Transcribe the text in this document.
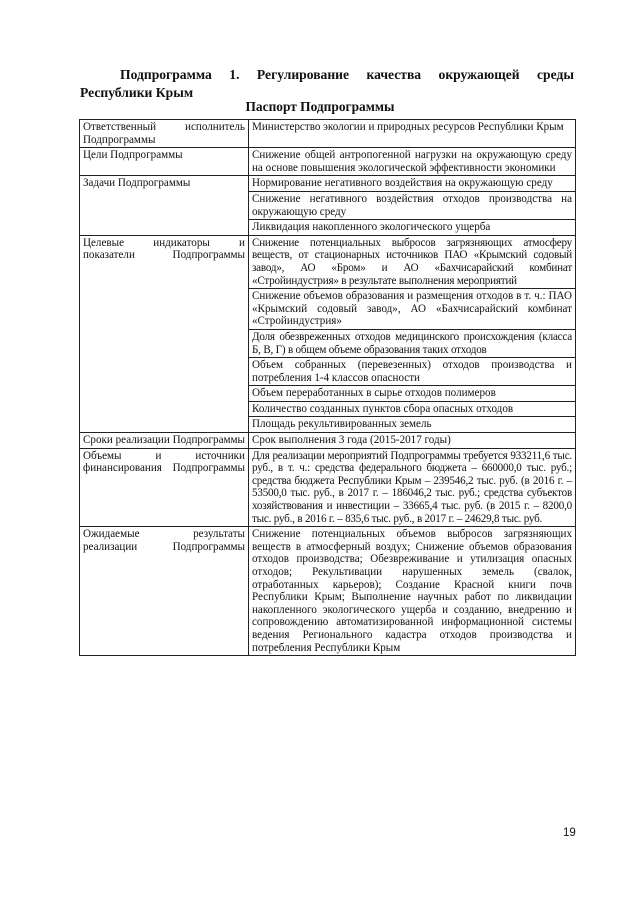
Подпрограмма 1. Регулирование качества окружающей среды
Республики Крым
Паспорт Подпрограммы
Ответственный исполнитель Подпрограммы	Министерство экологии и природных ресурсов Республики Крым
Цели Подпрограммы	Снижение общей антропогенной нагрузки на окружающую среду на основе повышения экологической эффективности экономики
Задачи Подпрограммы	Нормирование негативного воздействия на окружающую среду
	Снижение негативного воздействия отходов производства на окружающую среду
	Ликвидация накопленного экологического ущерба
Целевые индикаторы и показатели Подпрограммы	Снижение потенциальных выбросов загрязняющих атмосферу веществ, от стационарных источников ПАО «Крымский содовый завод», АО «Бром» и АО «Бахчисарайский комбинат «Стройиндустрия» в результате выполнения мероприятий
	Снижение объемов образования и размещения отходов в т. ч.: ПАО «Крымский содовый завод», АО «Бахчисарайский комбинат «Стройиндустрия»
	Доля обезвреженных отходов медицинского происхождения (класса Б, В, Г) в общем объеме образования таких отходов
	Объем собранных (перевезенных) отходов производства и потребления 1-4 классов опасности
	Объем переработанных в сырье отходов полимеров
	Количество созданных пунктов сбора опасных отходов
	Площадь рекультивированных земель
Сроки реализации Подпрограммы	Срок выполнения 3 года (2015-2017 годы)
Объемы и источники финансирования Подпрограммы	Для реализации мероприятий Подпрограммы требуется 933211,6 тыс. руб., в т. ч.: средства федерального бюджета – 660000,0 тыс. руб.; средства бюджета Республики Крым – 239546,2 тыс. руб. (в 2016 г. – 53500,0 тыс. руб., в 2017 г. – 186046,2 тыс. руб.; средства субъектов хозяйствования и инвестиции – 33665,4 тыс. руб. (в 2015 г. – 8200,0 тыс. руб., в 2016 г. – 835,6 тыс. руб., в 2017 г. – 24629,8 тыс. руб.
Ожидаемые результаты реализации Подпрограммы	Снижение потенциальных объемов выбросов загрязняющих веществ в атмосферный воздух; Снижение объемов образования отходов производства; Обезвреживание и утилизация опасных отходов; Рекультивации нарушенных земель (свалок, отработанных карьеров); Создание Красной книги почв Республики Крым; Выполнение научных работ по ликвидации накопленного экологического ущерба и созданию, внедрению и сопровождению автоматизированной информационной системы ведения Регионального кадастра отходов производства и потребления Республики Крым
19
